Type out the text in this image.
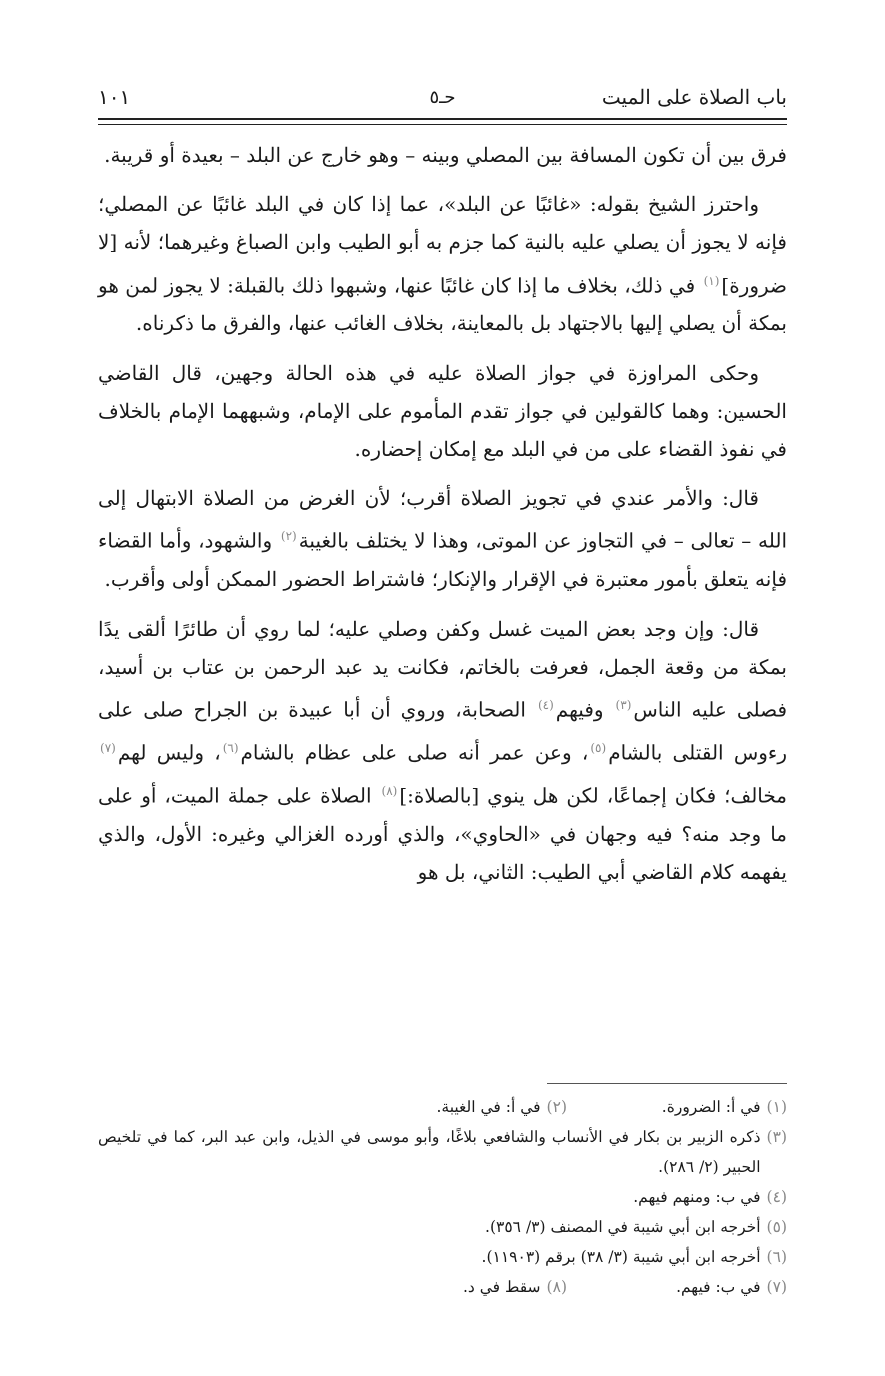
باب الصلاة على الميت
حـ٥
١٠١

فرق بين أن تكون المسافة بين المصلي وبينه – وهو خارج عن البلد – بعيدة أو قريبة.

واحترز الشيخ بقوله: «غائبًا عن البلد»، عما إذا كان في البلد غائبًا عن المصلي؛ فإنه لا يجوز أن يصلي عليه بالنية كما جزم به أبو الطيب وابن الصباغ وغيرهما؛ لأنه [لا ضرورة]$^{(١)}$ في ذلك، بخلاف ما إذا كان غائبًا عنها، وشبهوا ذلك بالقبلة: لا يجوز لمن هو بمكة أن يصلي إليها بالاجتهاد بل بالمعاينة، بخلاف الغائب عنها، والفرق ما ذكرناه.

وحكى المراوزة في جواز الصلاة عليه في هذه الحالة وجهين، قال القاضي الحسين: وهما كالقولين في جواز تقدم المأموم على الإمام، وشبههما الإمام بالخلاف في نفوذ القضاء على من في البلد مع إمكان إحضاره.

قال: والأمر عندي في تجويز الصلاة أقرب؛ لأن الغرض من الصلاة الابتهال إلى الله – تعالى – في التجاوز عن الموتى، وهذا لا يختلف بالغيبة$^{(٢)}$ والشهود، وأما القضاء فإنه يتعلق بأمور معتبرة في الإقرار والإنكار؛ فاشتراط الحضور الممكن أولى وأقرب.

قال: وإن وجد بعض الميت غسل وكفن وصلي عليه؛ لما روي أن طائرًا ألقى يدًا بمكة من وقعة الجمل، فعرفت بالخاتم، فكانت يد عبد الرحمن بن عتاب بن أسيد، فصلى عليه الناس$^{(٣)}$ وفيهم$^{(٤)}$ الصحابة، وروي أن أبا عبيدة بن الجراح صلى على رءوس القتلى بالشام$^{(٥)}$، وعن عمر أنه صلى على عظام بالشام$^{(٦)}$، وليس لهم$^{(٧)}$ مخالف؛ فكان إجماعًا، لكن هل ينوي [بالصلاة:]$^{(٨)}$ الصلاة على جملة الميت، أو على ما وجد منه؟ فيه وجهان في «الحاوي»، والذي أورده الغزالي وغيره: الأول، والذي يفهمه كلام القاضي أبي الطيب: الثاني، بل هو

(١)
في أ: الضرورة.
(٢)
في أ: في الغيبة.
(٣)
ذكره الزبير بن بكار في الأنساب والشافعي بلاغًا، وأبو موسى في الذيل، وابن عبد البر، كما في تلخيص الحبير (٢/ ٢٨٦).
(٤)
في ب: ومنهم فيهم.
(٥)
أخرجه ابن أبي شيبة في المصنف (٣/ ٣٥٦).
(٦)
أخرجه ابن أبي شيبة (٣/ ٣٨) برقم (١١٩٠٣).
(٧)
في ب: فيهم.
(٨)
سقط في د.
